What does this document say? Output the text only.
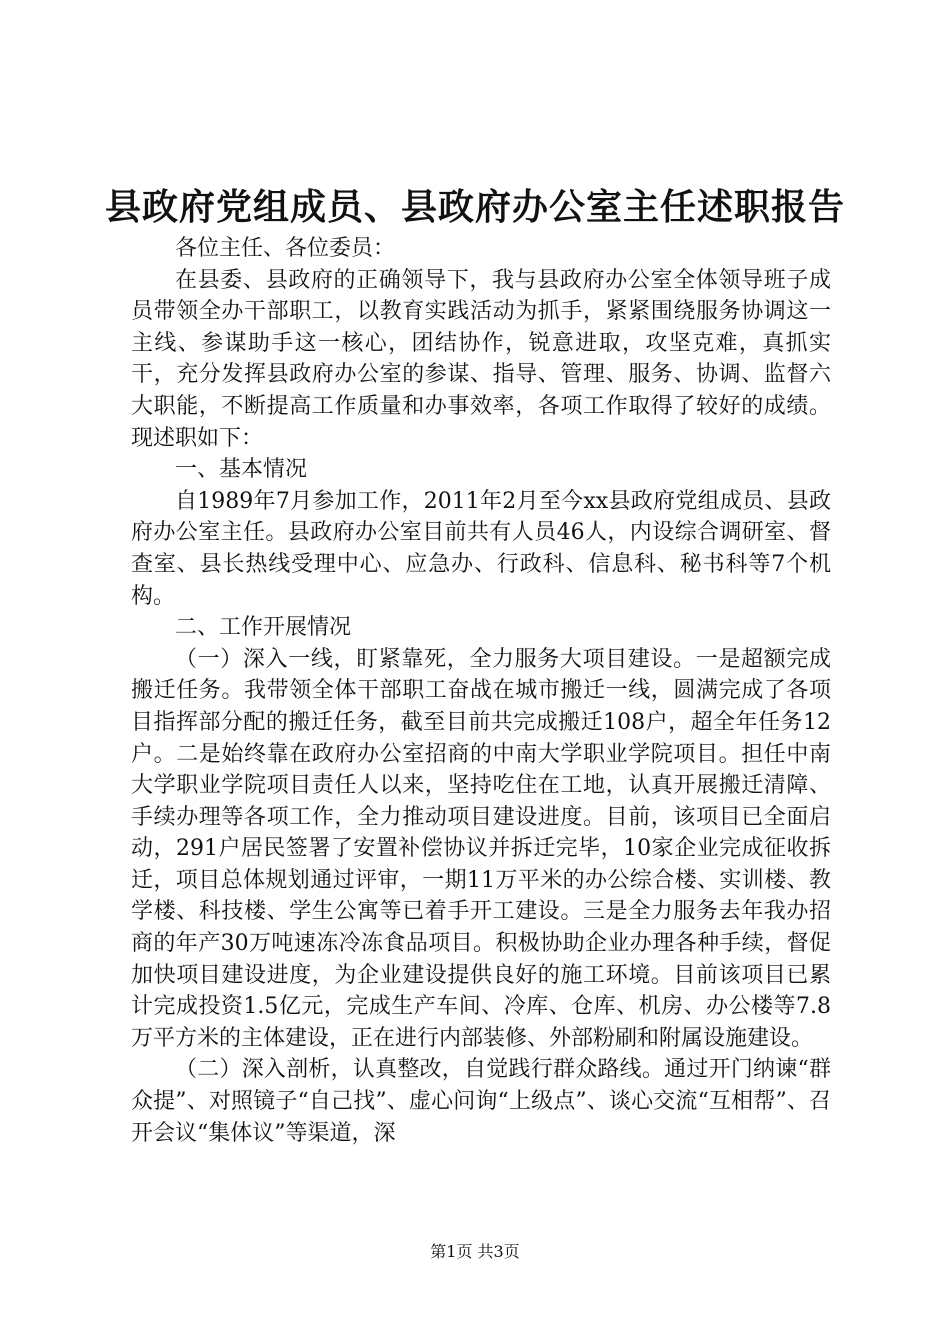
县政府党组成员、县政府办公室主任述职报告

各位主任、各位委员：

在县委、县政府的正确领导下，我与县政府办公室全体领导班子成员带领全办干部职工，以教育实践活动为抓手，紧紧围绕服务协调这一主线、参谋助手这一核心，团结协作，锐意进取，攻坚克难，真抓实干，充分发挥县政府办公室的参谋、指导、管理、服务、协调、监督六大职能，不断提高工作质量和办事效率，各项工作取得了较好的成绩。现述职如下：

一、基本情况

自1989年7月参加工作，2011年2月至今xx县政府党组成员、县政府办公室主任。县政府办公室目前共有人员46人，内设综合调研室、督查室、县长热线受理中心、应急办、行政科、信息科、秘书科等7个机构。

二、工作开展情况

（一）深入一线，盯紧靠死，全力服务大项目建设。一是超额完成搬迁任务。我带领全体干部职工奋战在城市搬迁一线，圆满完成了各项目指挥部分配的搬迁任务，截至目前共完成搬迁108户，超全年任务12户。二是始终靠在政府办公室招商的中南大学职业学院项目。担任中南大学职业学院项目责任人以来，坚持吃住在工地，认真开展搬迁清障、手续办理等各项工作，全力推动项目建设进度。目前，该项目已全面启动，291户居民签署了安置补偿协议并拆迁完毕，10家企业完成征收拆迁，项目总体规划通过评审，一期11万平米的办公综合楼、实训楼、教学楼、科技楼、学生公寓等已着手开工建设。三是全力服务去年我办招商的年产30万吨速冻冷冻食品项目。积极协助企业办理各种手续，督促加快项目建设进度，为企业建设提供良好的施工环境。目前该项目已累计完成投资1.5亿元，完成生产车间、冷库、仓库、机房、办公楼等7.8万平方米的主体建设，正在进行内部装修、外部粉刷和附属设施建设。

（二）深入剖析，认真整改，自觉践行群众路线。通过开门纳谏“群众提”、对照镜子“自己找”、虚心问询“上级点”、谈心交流“互相帮”、召开会议“集体议”等渠道，深

第1页 共3页
